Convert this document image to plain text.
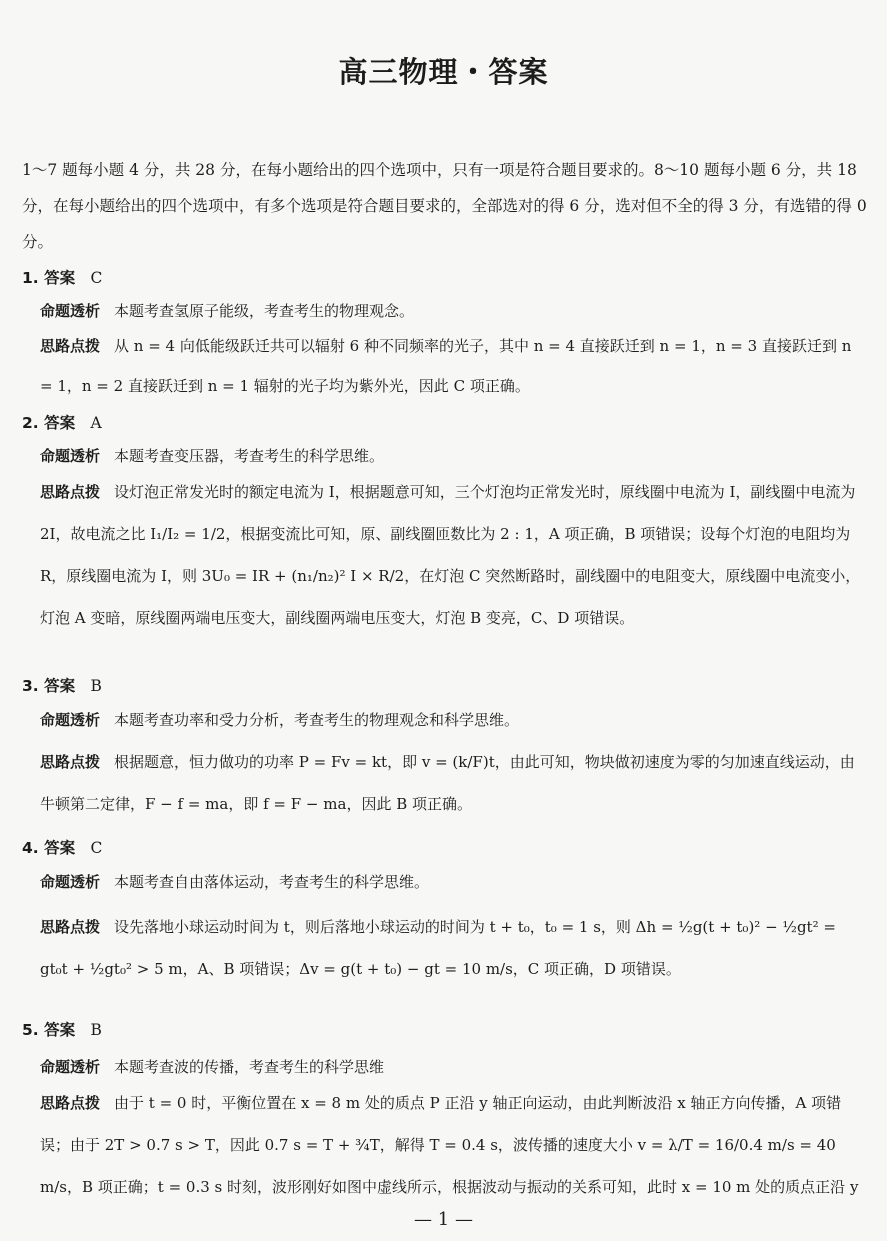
高三物理・答案
1～7 题每小题 4 分，共 28 分，在每小题给出的四个选项中，只有一项是符合题目要求的。8～10 题每小题 6 分，共 18 分，在每小题给出的四个选项中，有多个选项是符合题目要求的，全部选对的得 6 分，选对但不全的得 3 分，有选错的得 0 分。
1. 答案 C
命题透析 本题考查氢原子能级，考查考生的物理观念。
思路点拨 从 n = 4 向低能级跃迁共可以辐射 6 种不同频率的光子，其中 n = 4 直接跃迁到 n = 1，n = 3 直接跃迁到 n = 1，n = 2 直接跃迁到 n = 1 辐射的光子均为紫外光，因此 C 项正确。
2. 答案 A
命题透析 本题考查变压器，考查考生的科学思维。
思路点拨 设灯泡正常发光时的额定电流为 I，根据题意可知，三个灯泡均正常发光时，原线圈中电流为 I，副线圈中电流为 2I，故电流之比 I₁/I₂ = 1/2，根据变流比可知，原、副线圈匝数比为 2 : 1，A 项正确，B 项错误；设每个灯泡的电阻均为 R，原线圈电流为 I，则 3U₀ = IR + (n₁/n₂)² I × R/2，在灯泡 C 突然断路时，副线圈中的电阻变大，原线圈中电流变小，灯泡 A 变暗，原线圈两端电压变大，副线圈两端电压变大，灯泡 B 变亮，C、D 项错误。
3. 答案 B
命题透析 本题考查功率和受力分析，考查考生的物理观念和科学思维。
思路点拨 根据题意，恒力做功的功率 P = Fv = kt，即 v = (k/F)t，由此可知，物块做初速度为零的匀加速直线运动，由牛顿第二定律，F − f = ma，即 f = F − ma，因此 B 项正确。
4. 答案 C
命题透析 本题考查自由落体运动，考查考生的科学思维。
思路点拨 设先落地小球运动时间为 t，则后落地小球运动的时间为 t + t₀，t₀ = 1 s，则 Δh = ½g(t + t₀)² − ½gt² = gt₀t + ½gt₀² > 5 m，A、B 项错误；Δv = g(t + t₀) − gt = 10 m/s，C 项正确，D 项错误。
5. 答案 B
命题透析 本题考查波的传播，考查考生的科学思维
思路点拨 由于 t = 0 时，平衡位置在 x = 8 m 处的质点 P 正沿 y 轴正向运动，由此判断波沿 x 轴正方向传播，A 项错误；由于 2T > 0.7 s > T，因此 0.7 s = T + ¾T，解得 T = 0.4 s，波传播的速度大小 v = λ/T = 16/0.4 m/s = 40 m/s，B 项正确；t = 0.3 s 时刻，波形刚好如图中虚线所示，根据波动与振动的关系可知，此时 x = 10 m 处的质点正沿 y
— 1 —
